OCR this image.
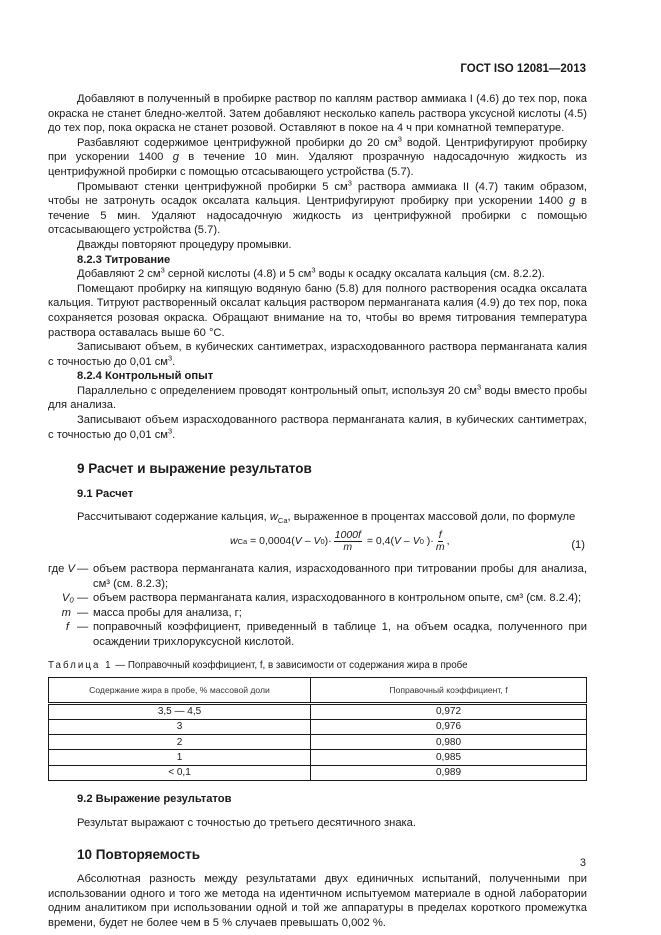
ГОСТ ISO 12081—2013

Добавляют в полученный в пробирке раствор по каплям раствор аммиака I (4.6) до тех пор, пока окраска не станет бледно-желтой. Затем добавляют несколько капель раствора уксусной кислоты (4.5) до тех пор, пока окраска не станет розовой. Оставляют в покое на 4 ч при комнатной температуре.

Разбавляют содержимое центрифужной пробирки до 20 $см^3$ водой. Центрифугируют пробирку при ускорении 1400 g в течение 10 мин. Удаляют прозрачную надосадочную жидкость из центрифужной пробирки с помощью отсасывающего устройства (5.7).

Промывают стенки центрифужной пробирки 5 $см^3$ раствора аммиака II (4.7) таким образом, чтобы не затронуть осадок оксалата кальция. Центрифугируют пробирку при ускорении 1400 g в течение 5 мин. Удаляют надосадочную жидкость из центрифужной пробирки с помощью отсасывающего устройства (5.7).

Дважды повторяют процедуру промывки.

8.2.3 Титрование

Добавляют 2 $см^3$ серной кислоты (4.8) и 5 $см^3$ воды к осадку оксалата кальция (см. 8.2.2).

Помещают пробирку на кипящую водяную баню (5.8) для полного растворения осадка оксалата кальция. Титруют растворенный оксалат кальция раствором перманганата калия (4.9) до тех пор, пока сохраняется розовая окраска. Обращают внимание на то, чтобы во время титрования температура раствора оставалась выше 60 °С.

Записывают объем, в кубических сантиметрах, израсходованного раствора перманганата калия с точностью до 0,01 $см^3$.

8.2.4 Контрольный опыт

Параллельно с определением проводят контрольный опыт, используя 20 $см^3$ воды вместо пробы для анализа.

Записывают объем израсходованного раствора перманганата калия, в кубических сантиметрах, с точностью до 0,01 $см^3$.

9 Расчет и выражение результатов
9.1 Расчет

Рассчитывают содержание кальция, $w_{Ca}$, выраженное в процентах массовой доли, по формуле

w Ca = 0,0004( V – V 0 )· $\frac{1000f}{m} = 0,4$( V – V 0 )· $\frac{f}{m}$ ,	(1)
где V — объем раствора перманганата калия, израсходованного при титровании пробы для анализа, см³ (см. 8.2.3);
V₀ — объем раствора перманганата калия, израсходованного в контрольном опыте, см³ (см. 8.2.4);
m — масса пробы для анализа, г;
f — поправочный коэффициент, приведенный в таблице 1, на объем осадка, полученного при осаждении трихлоруксусной кислотой.
Таблица 1 — Поправочный коэффициент, f, в зависимости от содержания жира в пробе
Содержание жира в пробе, % массовой доли	Поправочный коэффициент, f
3,5 — 4,5	0,972
3	0,976
2	0,980
1	0,985
< 0,1	0,989
9.2 Выражение результатов

Результат выражают с точностью до третьего десятичного знака.

10 Повторяемость

Абсолютная разность между результатами двух единичных испытаний, полученными при использовании одного и того же метода на идентичном испытуемом материале в одной лаборатории одним аналитиком при использовании одной и той же аппаратуры в пределах короткого промежутка времени, будет не более чем в 5 % случаев превышать 0,002 %.

3
